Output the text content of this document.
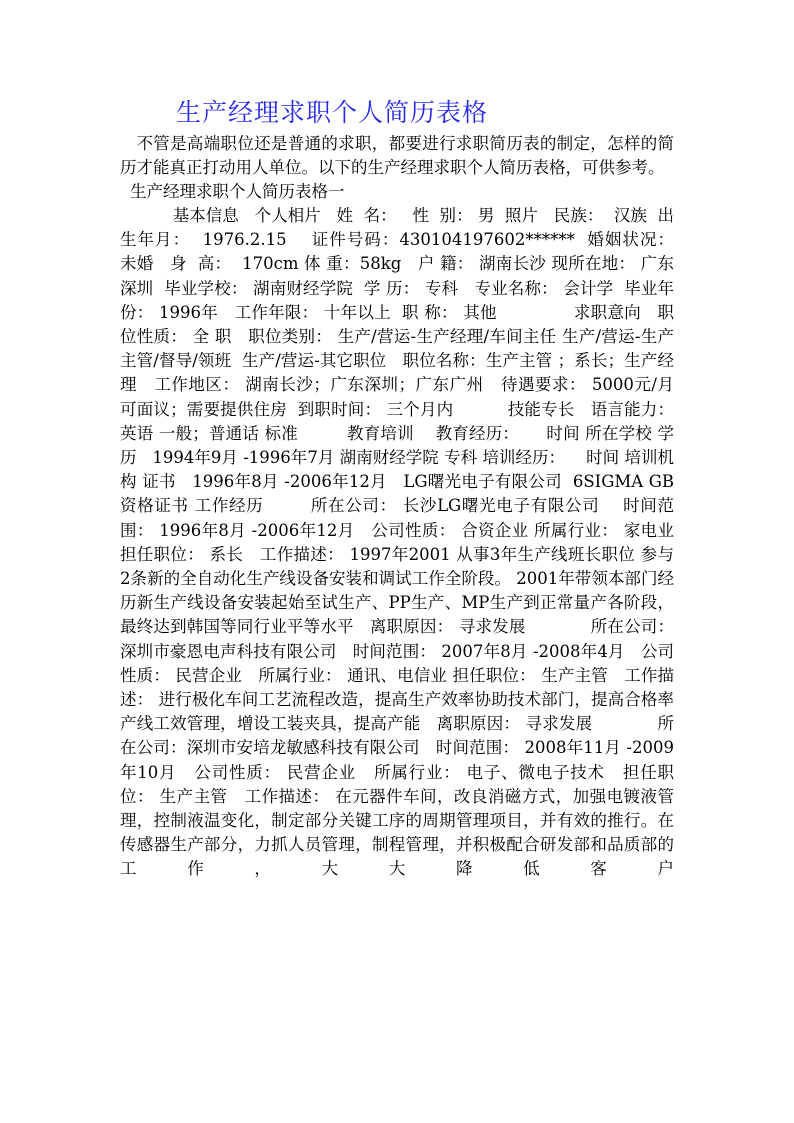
生产经理求职个人简历表格

不管是高端职位还是普通的求职，都要进行求职简历表的制定，怎样的简历才能真正打动用人单位。以下的生产经理求职个人简历表格，可供参考。

生产经理求职个人简历表格一

基本信息   个人相片   姓  名：   性  别： 男  照片   民族：  汉族  出生年月：  1976.2.15    证件号码：430104197602******  婚姻状况： 未婚   身  高：  170cm 体 重：58kg   户 籍： 湖南长沙 现所在地： 广东深圳  毕业学校： 湖南财经学院  学 历： 专科   专业名称： 会计学  毕业年份： 1996年   工作年限： 十年以上  职 称： 其他              求职意向   职位性质： 全 职   职位类别： 生产/营运-生产经理/车间主任 生产/营运-生产主管/督导/领班  生产/营运-其它职位   职位名称：生产主管 ；系长；生产经理   工作地区： 湖南长沙；广东深圳；广东广州   待遇要求： 5000元/月 可面议；需要提供住房  到职时间： 三个月内          技能专长   语言能力： 英语 一般；普通话 标准         教育培训    教育经历：     时间 所在学校 学历   1994年9月 -1996年7月 湖南财经学院 专科 培训经历：    时间 培训机构 证书   1996年8月 -2006年12月   LG曙光电子有限公司  6SIGMA GB 资格证书 工作经历        所在公司： 长沙LG曙光电子有限公司    时间范围： 1996年8月 -2006年12月   公司性质： 合资企业 所属行业： 家电业   担任职位： 系长   工作描述： 1997年2001 从事3年生产线班长职位 参与2条新的全自动化生产线设备安装和调试工作全阶段。 2001年带领本部门经历新生产线设备安装起始至试生产、PP生产、MP生产到正常量产各阶段，最终达到韩国等同行业平等水平   离职原因： 寻求发展            所在公司： 深圳市豪恩电声科技有限公司   时间范围： 2007年8月 -2008年4月   公司性质： 民营企业   所属行业： 通讯、电信业 担任职位： 生产主管   工作描述： 进行极化车间工艺流程改造，提高生产效率协助技术部门，提高合格率产线工效管理，增设工装夹具，提高产能   离职原因： 寻求发展            所在公司：深圳市安培龙敏感科技有限公司   时间范围： 2008年11月 -2009年10月   公司性质： 民营企业   所属行业： 电子、微电子技术   担任职位： 生产主管   工作描述： 在元器件车间，改良消磁方式，加强电镀液管理，控制液温变化，制定部分关键工序的周期管理项目，并有效的推行。在传感器生产部分，力抓人员管理，制程管理，并积极配合研发部和品质部的工作，大大降低客户
